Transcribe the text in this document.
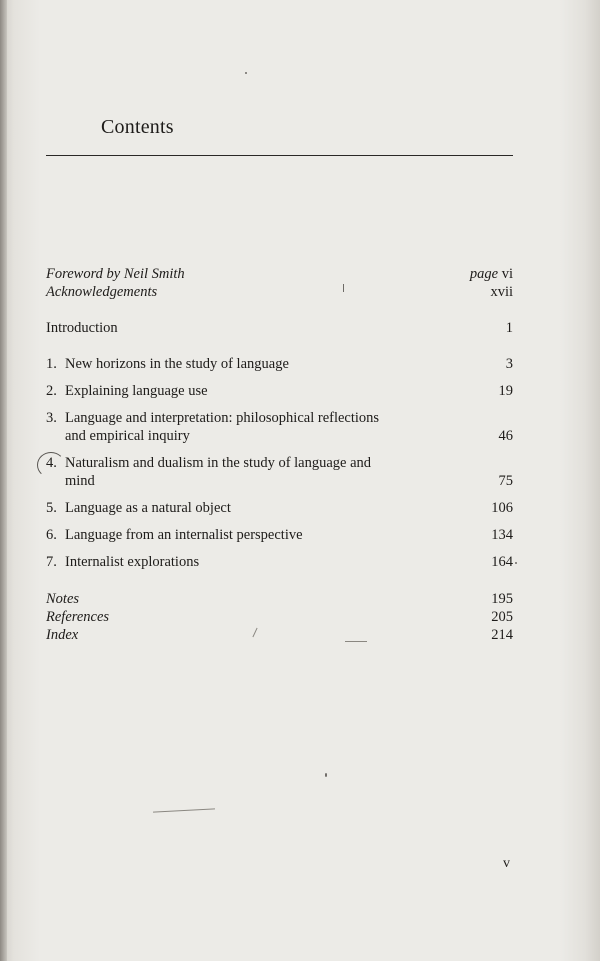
Contents
Foreword by Neil Smith	page vi
Acknowledgements	xvii
Introduction	1
1. New horizons in the study of language	3
2. Explaining language use	19
3. Language and interpretation: philosophical reflections
and empirical inquiry	46
4. Naturalism and dualism in the study of language and
mind	75
5. Language as a natural object	106
6. Language from an internalist perspective	134
7. Internalist explorations	164
Notes	195
References	205
Index	214
v
